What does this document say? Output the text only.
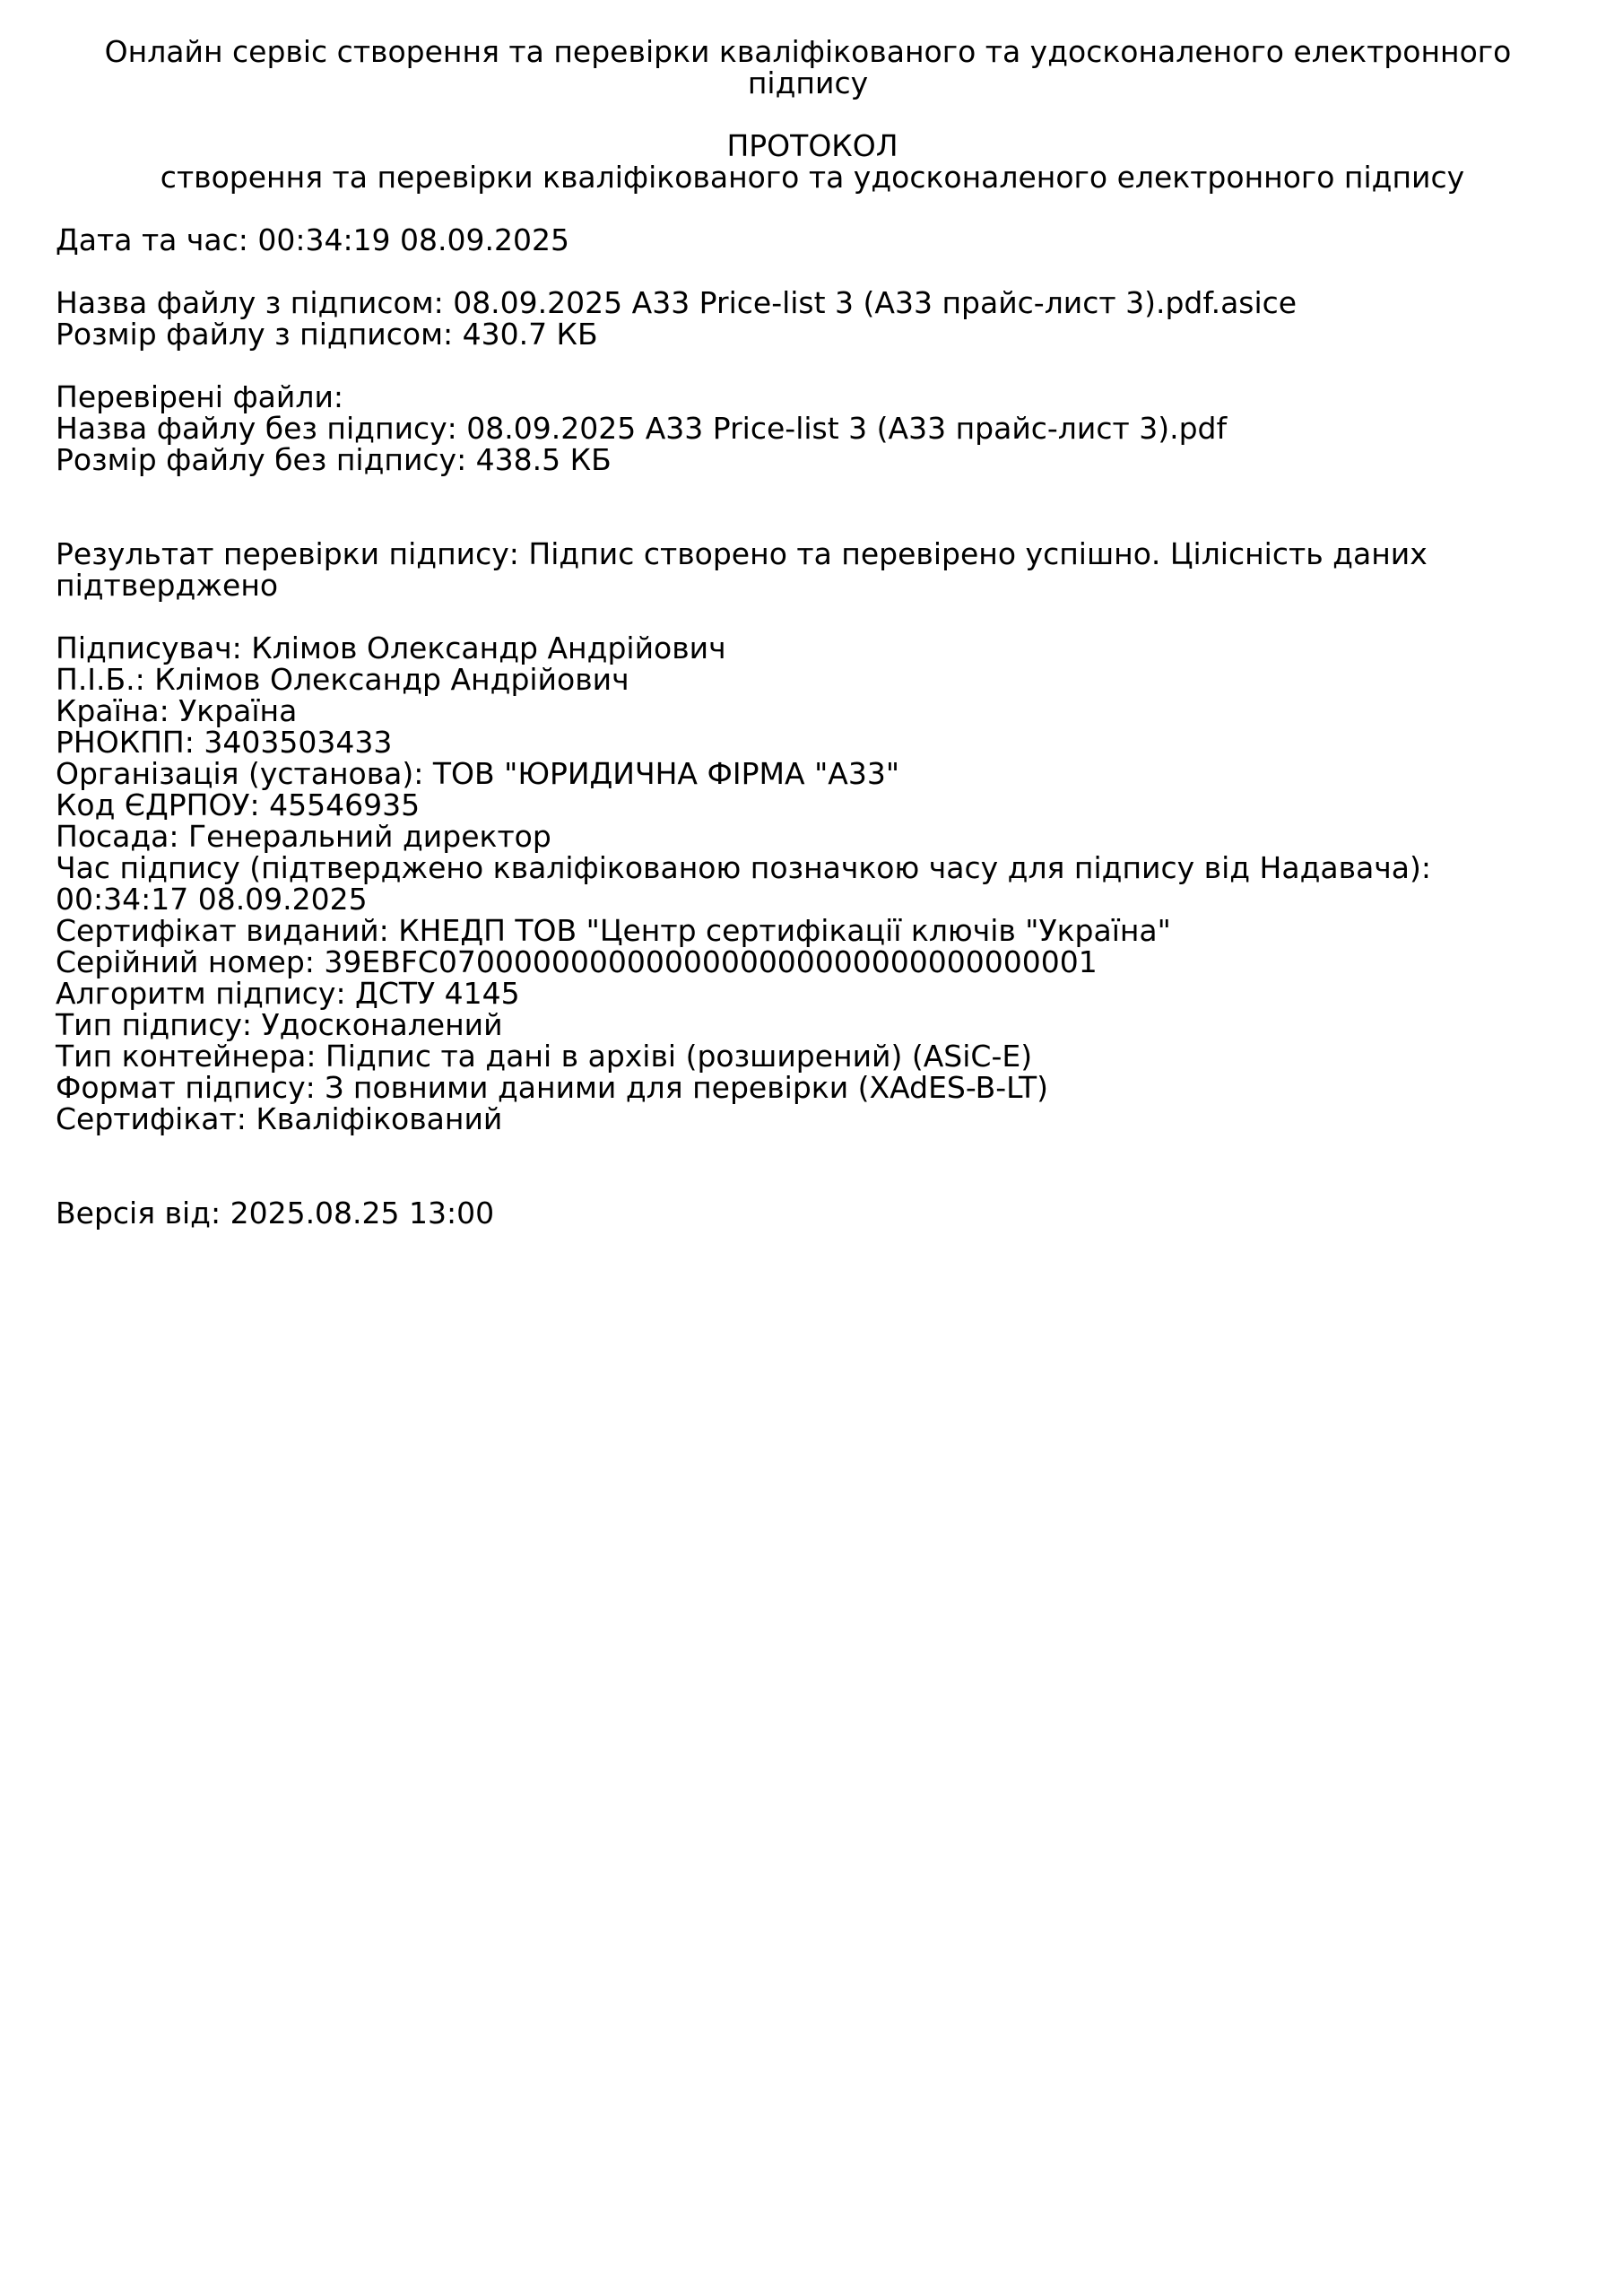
Онлайн сервіс створення та перевірки кваліфікованого та удосконаленого електронного підпису
ПРОТОКОЛ
створення та перевірки кваліфікованого та удосконаленого електронного підпису
Дата та час: 00:34:19 08.09.2025
Назва файлу з підписом: 08.09.2025 А33 Price-list 3 (А33 прайс-лист 3).pdf.asice
Розмір файлу з підписом: 430.7 КБ
Перевірені файли:
Назва файлу без підпису: 08.09.2025 А33 Price-list 3 (А33 прайс-лист 3).pdf
Розмір файлу без підпису: 438.5 КБ
Результат перевірки підпису: Підпис створено та перевірено успішно. Цілісність даних підтверджено
Підписувач: Клімов Олександр Андрійович
П.І.Б.: Клімов Олександр Андрійович
Країна: Україна
РНОКПП: 3403503433
Організація (установа): ТОВ "ЮРИДИЧНА ФІРМА "А33"
Код ЄДРПОУ: 45546935
Посада: Генеральний директор
Час підпису (підтверджено кваліфікованою позначкою часу для підпису від Надавача): 00:34:17 08.09.2025
Сертифікат виданий: КНЕДП ТОВ "Центр сертифікації ключів "Україна"
Серійний номер: 39EBFC07000000000000000000000000000000001
Алгоритм підпису: ДСТУ 4145
Тип підпису: Удосконалений
Тип контейнера: Підпис та дані в архіві (розширений) (ASiC-E)
Формат підпису: З повними даними для перевірки (XAdES-B-LT)
Сертифікат: Кваліфікований
Версія від: 2025.08.25 13:00
